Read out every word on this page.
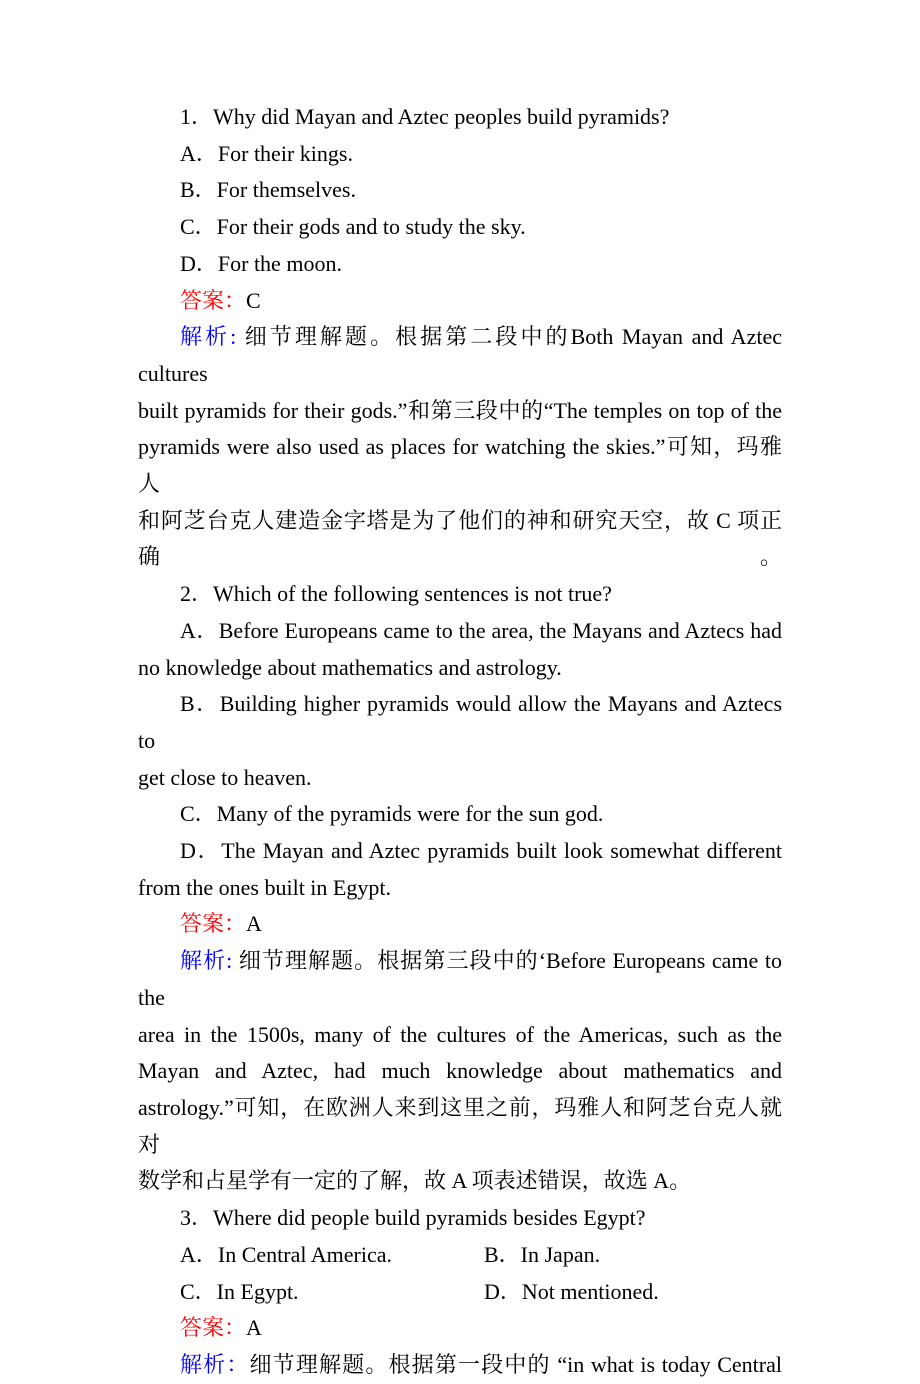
1．Why did Mayan and Aztec peoples build pyramids?
A．For their kings.
B．For themselves.
C．For their gods and to study the sky.
D．For the moon.
答案：C
解析: 细节理解题。根据第二段中的Both Mayan and Aztec cultures
built pyramids for their gods.”和第三段中的“The temples on top of the
pyramids were also used as places for watching the skies.”可知，玛雅人
和阿芝台克人建造金字塔是为了他们的神和研究天空，故 C 项正确。
2．Which of the following sentences is not true?
A．Before Europeans came to the area, the Mayans and Aztecs had
no knowledge about mathematics and astrology.
B．Building higher pyramids would allow the Mayans and Aztecs to
get close to heaven.
C．Many of the pyramids were for the sun god.
D．The Mayan and Aztec pyramids built look somewhat different
from the ones built in Egypt.
答案：A
解析: 细节理解题。根据第三段中的‘Before Europeans came to the
area in the 1500s, many of the cultures of the Americas, such as the
Mayan and Aztec, had much knowledge about mathematics and
astrology.”可知，在欧洲人来到这里之前，玛雅人和阿芝台克人就对
数学和占星学有一定的了解，故 A 项表述错误，故选 A。
3．Where did people build pyramids besides Egypt?
A．In Central America.	B．In Japan.
C．In Egypt.	D．Not mentioned.
答案：A
解析：细节理解题。根据第一段中的 “in what is today Central
